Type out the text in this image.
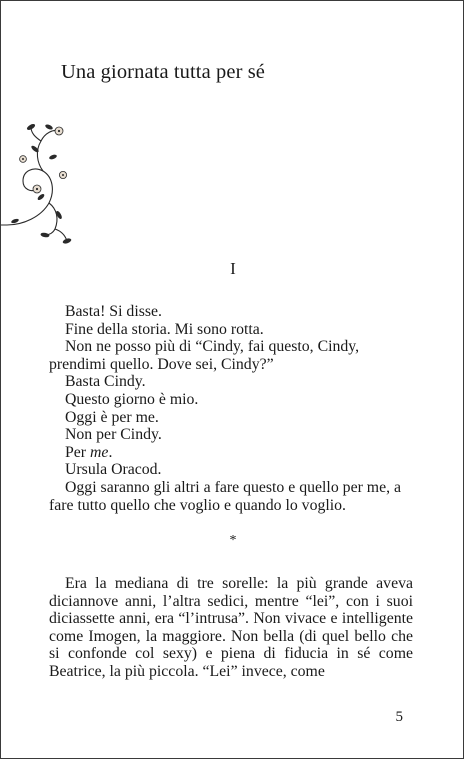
Una giornata tutta per sé
I

Basta! Si disse.

Fine della storia. Mi sono rotta.

Non ne posso più di “Cindy, fai questo, Cindy,

prendimi quello. Dove sei, Cindy?”

Basta Cindy.

Questo giorno è mio.

Oggi è per me.

Non per Cindy.

Per me.

Ursula Oracod.

Oggi saranno gli altri a fare questo e quello per me, a

fare tutto quello che voglio e quando lo voglio.

*

Era la mediana di tre sorelle: la più grande aveva diciannove anni, l’altra sedici, mentre “lei”, con i suoi diciassette anni, era “l’intrusa”. Non vivace e intelligente come Imogen, la maggiore. Non bella (di quel bello che si confonde col sexy) e piena di fiducia in sé come Beatrice, la più piccola. “Lei” invece, come

5
